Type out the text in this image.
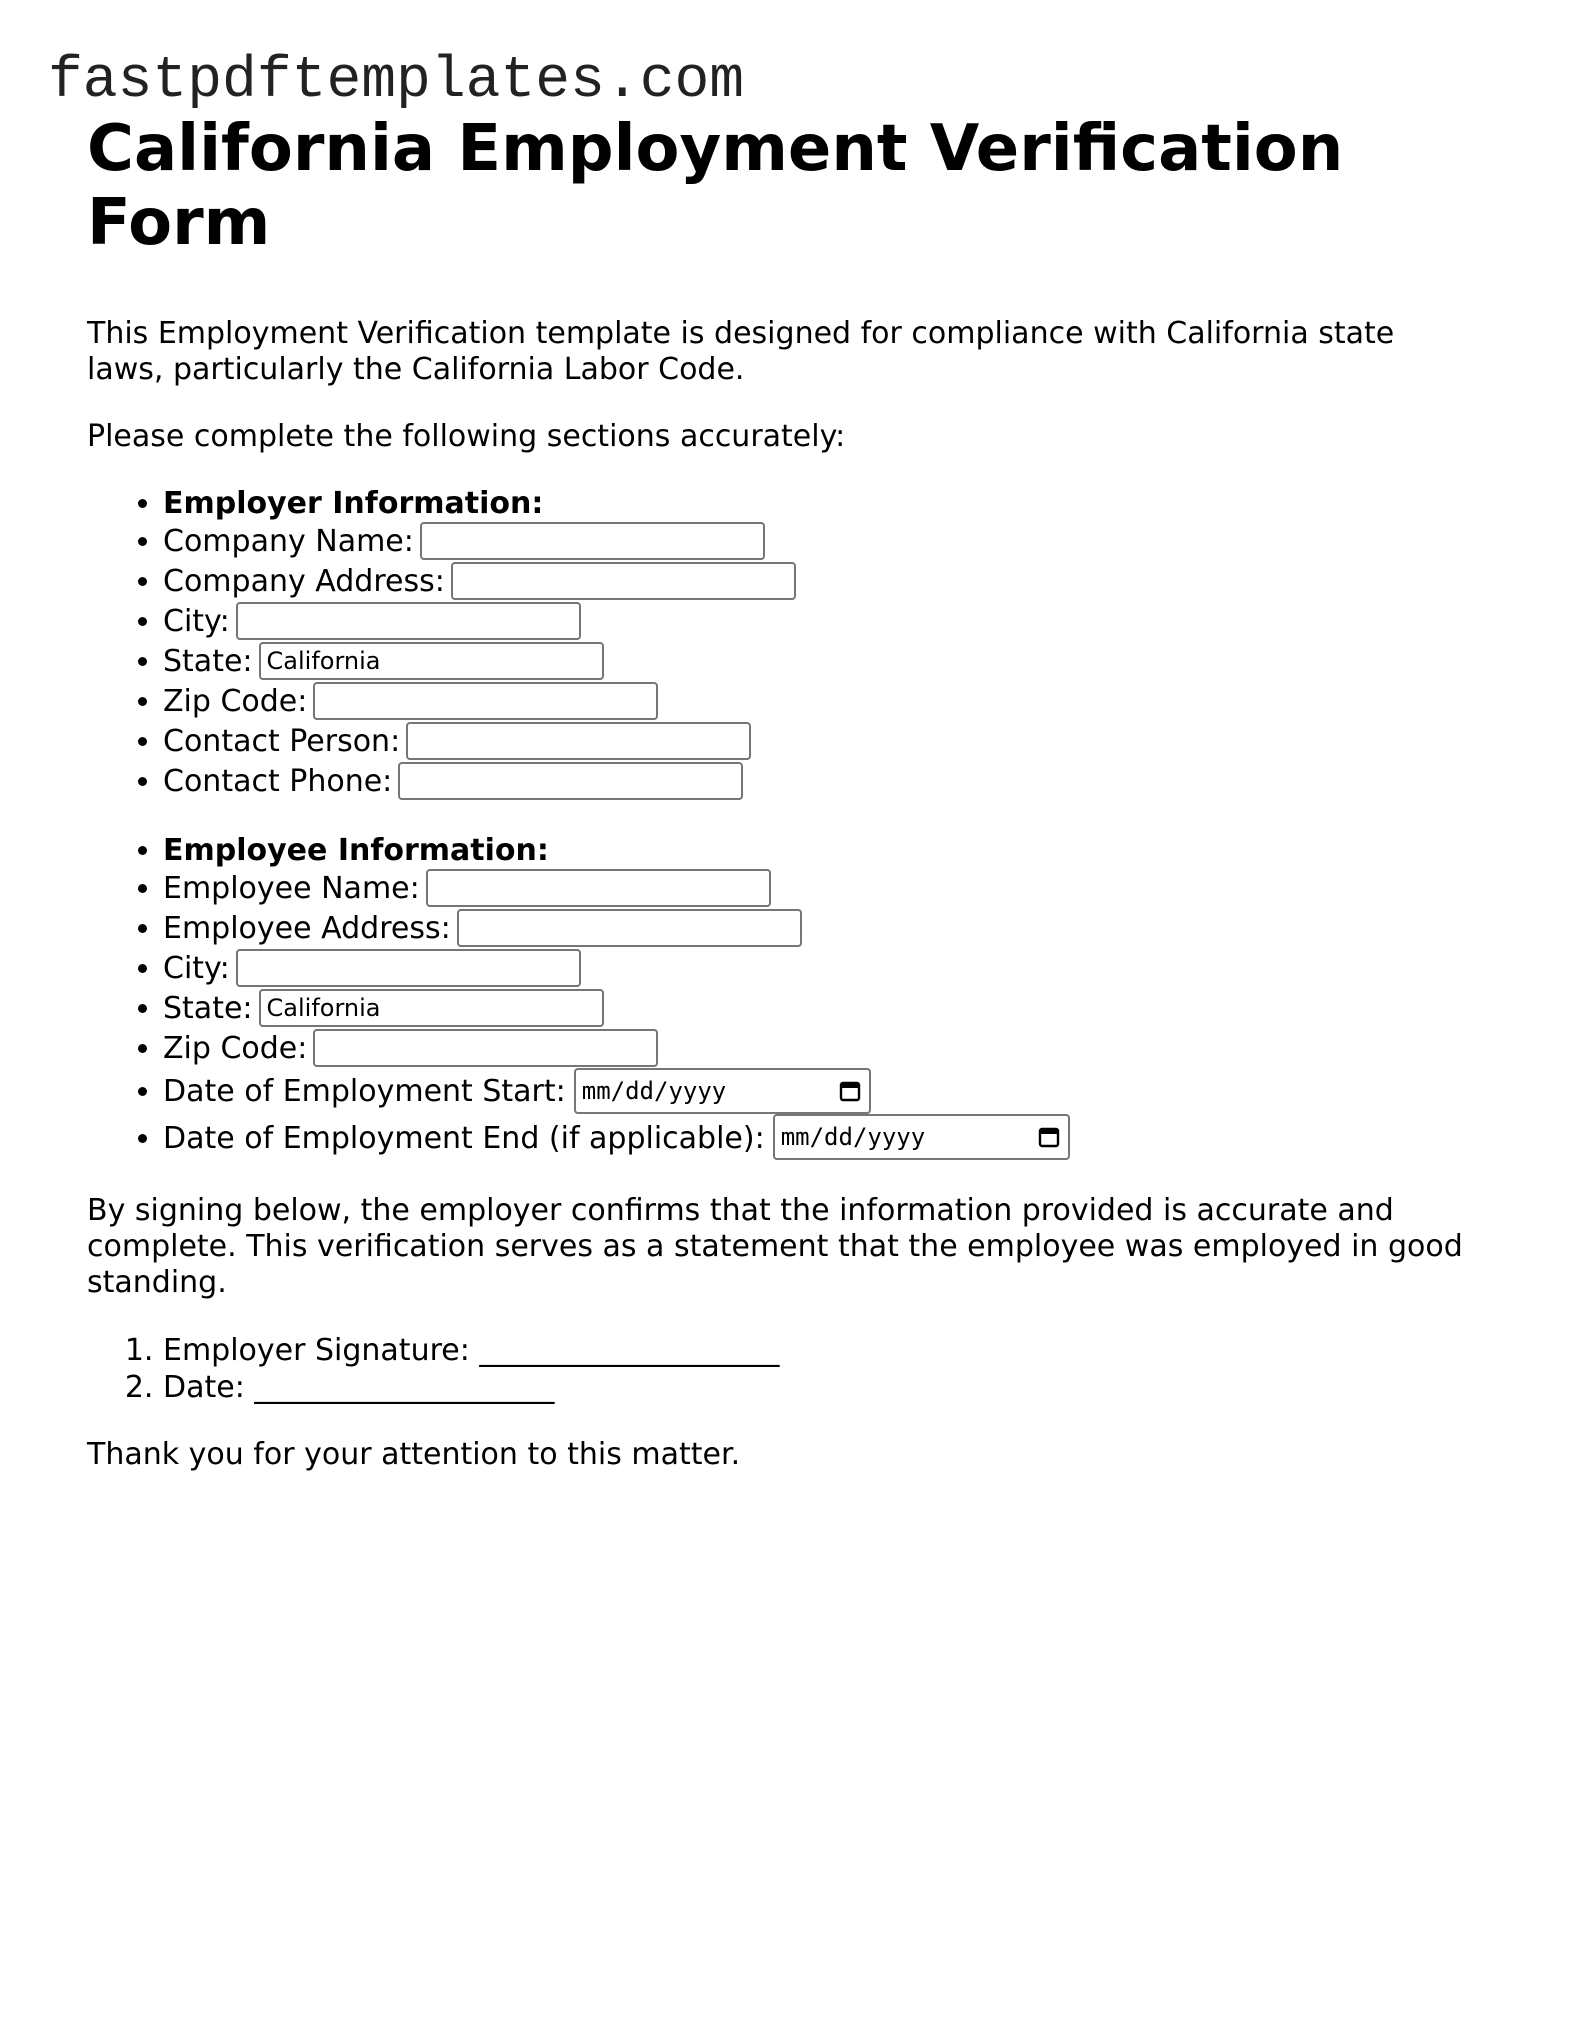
fastpdftemplates.com
California Employment Verification Form

This Employment Verification template is designed for compliance with California state laws, particularly the California Labor Code.

Please complete the following sections accurately:

• Employer Information:
• Company Name:
• Company Address:
• City:
• State: California
• Zip Code:
• Contact Person:
• Contact Phone:
• Employee Information:
• Employee Name:
• Employee Address:
• City:
• State: California
• Zip Code:
• Date of Employment Start: mm/dd/yyyy
• Date of Employment End (if applicable): mm/dd/yyyy

By signing below, the employer confirms that the information provided is accurate and complete. This verification serves as a statement that the employee was employed in good standing.

1. Employer Signature: ____________________
2. Date: ____________________

Thank you for your attention to this matter.
